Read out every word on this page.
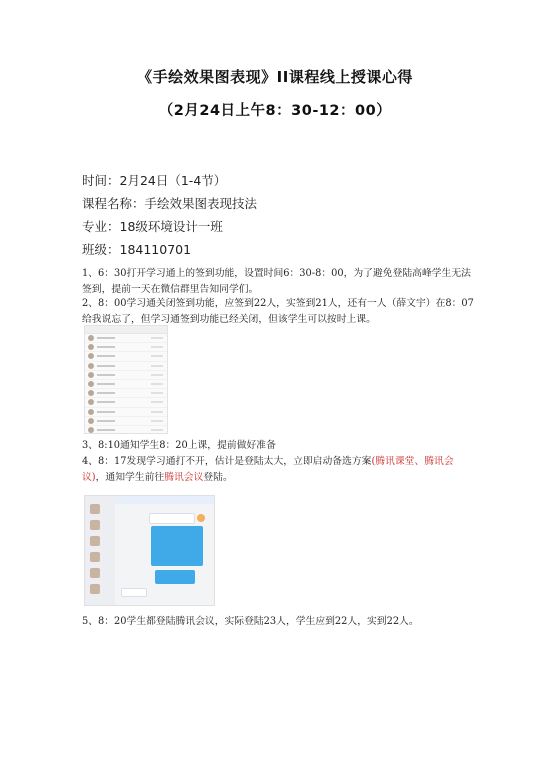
《手绘效果图表现》II课程线上授课心得
（2月24日上午8：30-12：00）
时间：2月24日（1-4节）
课程名称：手绘效果图表现技法
专业：18级环境设计一班
班级：184110701
1、6：30打开学习通上的签到功能，设置时间6：30-8：00，为了避免登陆高峰学生无法签到，提前一天在微信群里告知同学们。
2、8：00学习通关闭签到功能，应签到22人，实签到21人，还有一人（薛文宇）在8：07给我说忘了，但学习通签到功能已经关闭，但该学生可以按时上课。
3、8:10通知学生8：20上课，提前做好准备
4、8：17发现学习通打不开，估计是登陆太大，立即启动备选方案(腾讯课堂、腾讯会议)，通知学生前往腾讯会议登陆。
5、8：20学生都登陆腾讯会议，实际登陆23人，学生应到22人，实到22人。
